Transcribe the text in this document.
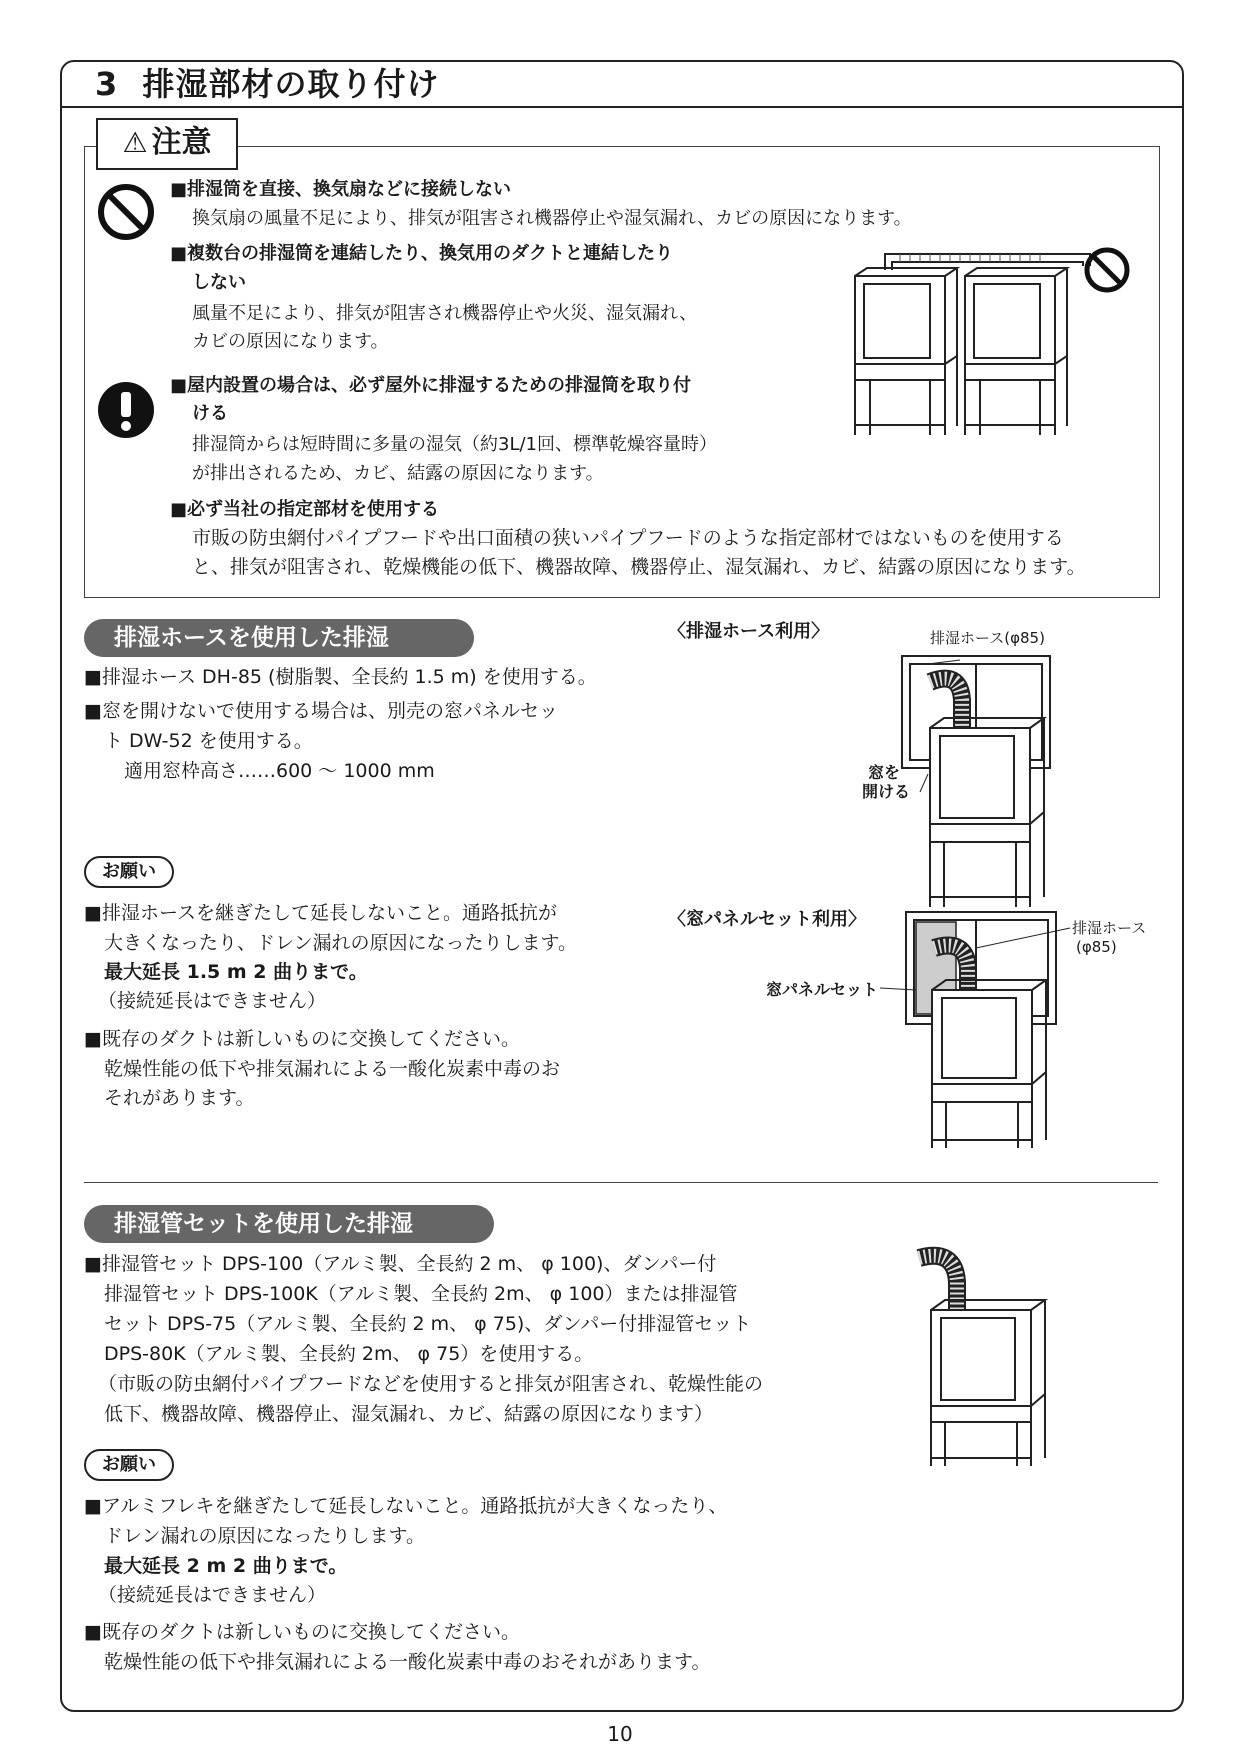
3 排湿部材の取り付け
⚠ 注意
■排湿筒を直接、換気扇などに接続しない
換気扇の風量不足により、排気が阻害され機器停止や湿気漏れ、カビの原因になります。
■複数台の排湿筒を連結したり、換気用のダクトと連結したり
しない
風量不足により、排気が阻害され機器停止や火災、湿気漏れ、
カビの原因になります。
■屋内設置の場合は、必ず屋外に排湿するための排湿筒を取り付
ける
排湿筒からは短時間に多量の湿気（約3L/1回、標準乾燥容量時）
が排出されるため、カビ、結露の原因になります。
■必ず当社の指定部材を使用する
市販の防虫網付パイプフードや出口面積の狭いパイプフードのような指定部材ではないものを使用する
と、排気が阻害され、乾燥機能の低下、機器故障、機器停止、湿気漏れ、カビ、結露の原因になります。
排湿ホースを使用した排湿
■排湿ホース DH-85 (樹脂製、全長約 1.5 m) を使用する。
■窓を開けないで使用する場合は、別売の窓パネルセッ
ト DW-52 を使用する。
適用窓枠高さ……600 ～ 1000 mm
お願い
■排湿ホースを継ぎたして延長しないこと。通路抵抗が
大きくなったり、ドレン漏れの原因になったりします。
最大延長 1.5 m 2 曲りまで。
（接続延長はできません）
■既存のダクトは新しいものに交換してください。
乾燥性能の低下や排気漏れによる一酸化炭素中毒のお
それがあります。
〈排湿ホース利用〉	排湿ホース(φ85)
窓を
開ける
〈窓パネルセット利用〉	排湿ホース
(φ85)
窓パネルセット
排湿管セットを使用した排湿
■排湿管セット DPS-100（アルミ製、全長約 2 m、 φ 100)、ダンパー付
排湿管セット DPS-100K（アルミ製、全長約 2m、 φ 100）または排湿管
セット DPS-75（アルミ製、全長約 2 m、 φ 75)、ダンパー付排湿管セット
DPS-80K（アルミ製、全長約 2m、 φ 75）を使用する。
（市販の防虫網付パイプフードなどを使用すると排気が阻害され、乾燥性能の
低下、機器故障、機器停止、湿気漏れ、カビ、結露の原因になります）
お願い
■アルミフレキを継ぎたして延長しないこと。通路抵抗が大きくなったり、
ドレン漏れの原因になったりします。
最大延長 2 m 2 曲りまで。
（接続延長はできません）
■既存のダクトは新しいものに交換してください。
乾燥性能の低下や排気漏れによる一酸化炭素中毒のおそれがあります。
10
